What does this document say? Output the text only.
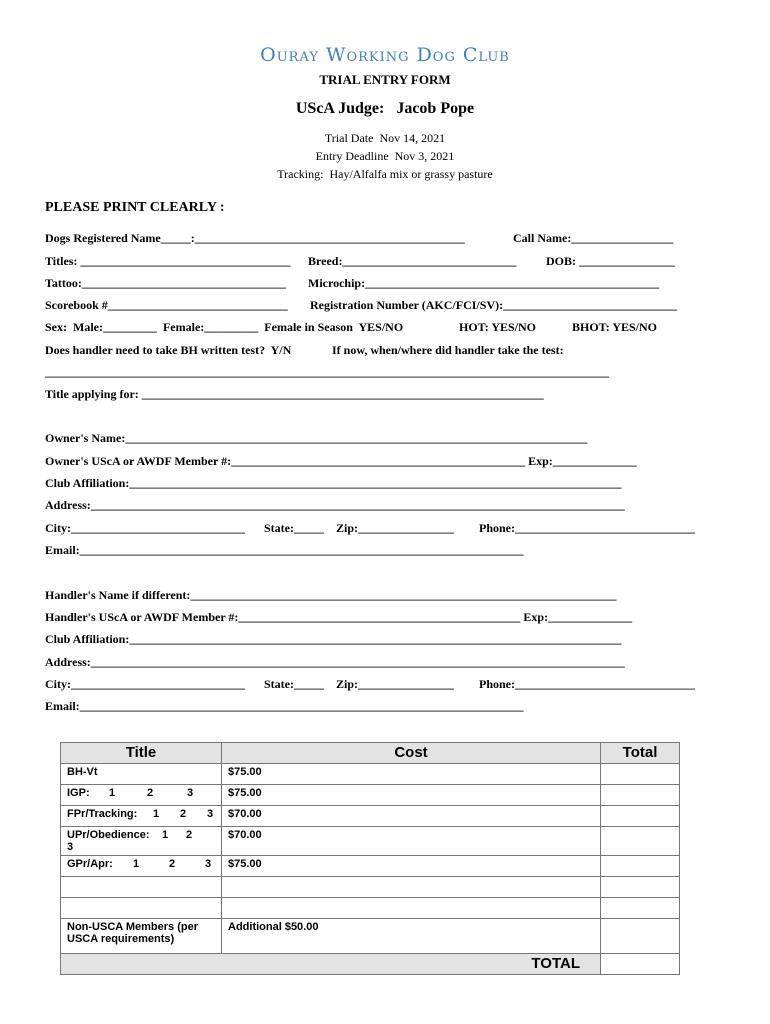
Ouray Working Dog Club
TRIAL ENTRY FORM
UScA Judge:   Jacob Pope
Trial Date  Nov 14, 2021
Entry Deadline  Nov 3, 2021
Tracking:  Hay/Alfalfa mix or grassy pasture
PLEASE PRINT CLEARLY :
Dogs Registered Name_____:_____________________________________________	Call Name:_________________
Titles: ___________________________________ Breed:_____________________________ DOB: ________________
Tattoo:__________________________________ Microchip:_________________________________________________
Scorebook #______________________________ Registration Number (AKC/FCI/SV):_____________________________
Sex:  Male:_________  Female:_________  Female in Season  YES/NO	HOT: YES/NO	BHOT: YES/NO
Does handler need to take BH written test?  Y/N	If now, when/where did handler take the test:
______________________________________________________________________________________________
Title applying for: ___________________________________________________________________
Owner's Name:_____________________________________________________________________________
Owner's UScA or AWDF Member #:_________________________________________________ Exp:______________
Club Affiliation:__________________________________________________________________________________
Address:_________________________________________________________________________________________
City:_____________________________ State:_____ Zip:________________ Phone:______________________________
Email:__________________________________________________________________________
Handler's Name if different:_______________________________________________________________________
Handler's UScA or AWDF Member #:_______________________________________________ Exp:______________
Club Affiliation:__________________________________________________________________________________
Address:_________________________________________________________________________________________
City:_____________________________ State:_____ Zip:________________ Phone:______________________________
Email:__________________________________________________________________________
Title	Cost	Total
BH-Vt	$75.00	
IGP: 1 2 3	$75.00	
FPr/Tracking: 1 2 3	$70.00	
UPr/Obedience: 1 23	$70.00	
GPr/Apr: 1 2 3	$75.00	

Non-USCA Members (per USCA requirements)	Additional $50.00	
TOTAL		
